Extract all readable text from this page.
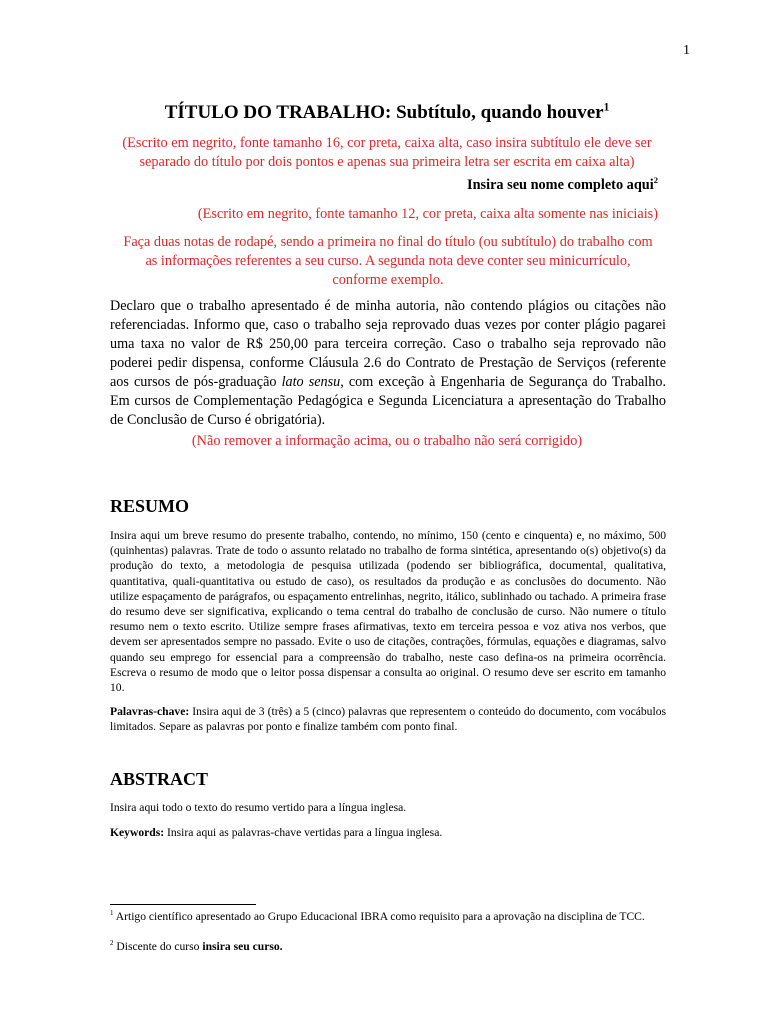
1
TÍTULO DO TRABALHO: Subtítulo, quando houver$^1$
(Escrito em negrito, fonte tamanho 16, cor preta, caixa alta, caso insira subtítulo ele deve ser separado do título por dois pontos e apenas sua primeira letra ser escrita em caixa alta)
Insira seu nome completo aqui$^2$
(Escrito em negrito, fonte tamanho 12, cor preta, caixa alta somente nas iniciais)
Faça duas notas de rodapé, sendo a primeira no final do título (ou subtítulo) do trabalho com as informações referentes a seu curso. A segunda nota deve conter seu minicurrículo, conforme exemplo.
Declaro que o trabalho apresentado é de minha autoria, não contendo plágios ou citações não referenciadas. Informo que, caso o trabalho seja reprovado duas vezes por conter plágio pagarei uma taxa no valor de R$ 250,00 para terceira correção. Caso o trabalho seja reprovado não poderei pedir dispensa, conforme Cláusula 2.6 do Contrato de Prestação de Serviços (referente aos cursos de pós-graduação lato sensu, com exceção à Engenharia de Segurança do Trabalho. Em cursos de Complementação Pedagógica e Segunda Licenciatura a apresentação do Trabalho de Conclusão de Curso é obrigatória).
(Não remover a informação acima, ou o trabalho não será corrigido)
RESUMO
Insira aqui um breve resumo do presente trabalho, contendo, no mínimo, 150 (cento e cinquenta) e, no máximo, 500 (quinhentas) palavras. Trate de todo o assunto relatado no trabalho de forma sintética, apresentando o(s) objetivo(s) da produção do texto, a metodologia de pesquisa utilizada (podendo ser bibliográfica, documental, qualitativa, quantitativa, quali-quantitativa ou estudo de caso), os resultados da produção e as conclusões do documento. Não utilize espaçamento de parágrafos, ou espaçamento entrelinhas, negrito, itálico, sublinhado ou tachado. A primeira frase do resumo deve ser significativa, explicando o tema central do trabalho de conclusão de curso. Não numere o título resumo nem o texto escrito. Utilize sempre frases afirmativas, texto em terceira pessoa e voz ativa nos verbos, que devem ser apresentados sempre no passado. Evite o uso de citações, contrações, fórmulas, equações e diagramas, salvo quando seu emprego for essencial para a compreensão do trabalho, neste caso defina-os na primeira ocorrência. Escreva o resumo de modo que o leitor possa dispensar a consulta ao original. O resumo deve ser escrito em tamanho 10.
Palavras-chave: Insira aqui de 3 (três) a 5 (cinco) palavras que representem o conteúdo do documento, com vocábulos limitados. Separe as palavras por ponto e finalize também com ponto final.
ABSTRACT
Insira aqui todo o texto do resumo vertido para a língua inglesa.
Keywords: Insira aqui as palavras-chave vertidas para a língua inglesa.
$^1$ Artigo científico apresentado ao Grupo Educacional IBRA como requisito para a aprovação na disciplina de TCC.
$^2$ Discente do curso insira seu curso.
